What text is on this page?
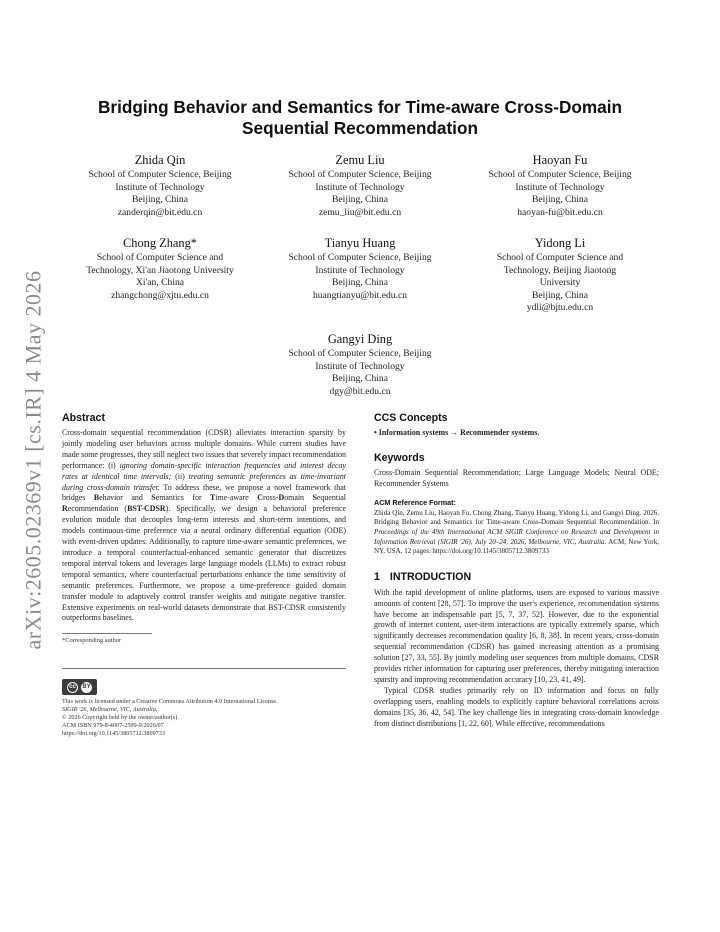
arXiv:2605.02369v1 [cs.IR] 4 May 2026
Bridging Behavior and Semantics for Time-aware Cross-Domain Sequential Recommendation
Zhida Qin
School of Computer Science, Beijing
Institute of Technology
Beijing, China
zanderqin@bit.edu.cn
Zemu Liu
School of Computer Science, Beijing
Institute of Technology
Beijing, China
zemu_liu@bit.edu.cn
Haoyan Fu
School of Computer Science, Beijing
Institute of Technology
Beijing, China
haoyan-fu@bit.edu.cn
Chong Zhang*
School of Computer Science and
Technology, Xi'an Jiaotong University
Xi'an, China
zhangchong@xjtu.edu.cn
Tianyu Huang
School of Computer Science, Beijing
Institute of Technology
Beijing, China
huangtianyu@bit.edu.cn
Yidong Li
School of Computer Science and
Technology, Beijing Jiaotong
University
Beijing, China
ydli@bjtu.edu.cn
Gangyi Ding
School of Computer Science, Beijing
Institute of Technology
Beijing, China
dgy@bit.edu.cn
Abstract

Cross-domain sequential recommendation (CDSR) alleviates interaction sparsity by jointly modeling user behaviors across multiple domains. While current studies have made some progresses, they still neglect two issues that severely impact recommendation performance: (i) ignoring domain-specific interaction frequencies and interest decay rates at identical time intervals; (ii) treating semantic preferences as time-invariant during cross-domain transfer. To address these, we propose a novel framework that bridges Behavior and Semantics for Time-aware Cross-Domain Sequential Recommendation (BST-CDSR). Specifically, we design a behavioral preference evolution module that decouples long-term interests and short-term intentions, and models continuous-time preference via a neural ordinary differential equation (ODE) with event-driven updates. Additionally, to capture time-aware semantic preferences, we introduce a temporal counterfactual-enhanced semantic generator that discretizes temporal interval tokens and leverages large language models (LLMs) to extract robust temporal semantics, where counterfactual perturbations enhance the time sensitivity of semantic preferences. Furthermore, we propose a time-preference guided domain transfer module to adaptively control transfer weights and mitigate negative transfer. Extensive experiments on real-world datasets demonstrate that BST-CDSR consistently outperforms baselines.

*Corresponding author

cc	BY

This work is licensed under a Creative Commons Attribution 4.0 International License.

SIGIR '26, Melbourne, VIC, Australia.

© 2026 Copyright held by the owner/author(s).

ACM ISBN 979-8-4007-2599-9/2026/07

https://doi.org/10.1145/3805712.3809733

CCS Concepts

• Information systems → Recommender systems.

Keywords

Cross-Domain Sequential Recommendation; Large Language Models; Neural ODE; Recommender Systems

ACM Reference Format:

Zhida Qin, Zemu Liu, Haoyan Fu, Chong Zhang, Tianyu Huang, Yidong Li, and Gangyi Ding. 2026. Bridging Behavior and Semantics for Time-aware Cross-Domain Sequential Recommendation. In Proceedings of the 49th International ACM SIGIR Conference on Research and Development in Information Retrieval (SIGIR '26), July 20–24, 2026, Melbourne, VIC, Australia. ACM, New York, NY, USA, 12 pages. https://doi.org/10.1145/3805712.3809733

1 INTRODUCTION

With the rapid development of online platforms, users are exposed to various massive amounts of content [28, 57]. To improve the user's experience, recommendation systems have become an indispensable part [5, 7, 37, 52]. However, due to the exponential growth of internet content, user-item interactions are typically extremely sparse, which significantly decreases recommendation quality [6, 8, 38]. In recent years, cross-domain sequential recommendation (CDSR) has gained increasing attention as a promising solution [27, 33, 55]. By jointly modeling user sequences from multiple domains, CDSR provides richer information for capturing user preferences, thereby mitigating interaction sparsity and improving recommendation accuracy [10, 23, 41, 49].

Typical CDSR studies primarily rely on ID information and focus on fully overlapping users, enabling models to explicitly capture behavioral correlations across domains [35, 36, 42, 54]. The key challenge lies in integrating cross-domain knowledge from distinct distributions [1, 22, 60]. While effective, recommendations
